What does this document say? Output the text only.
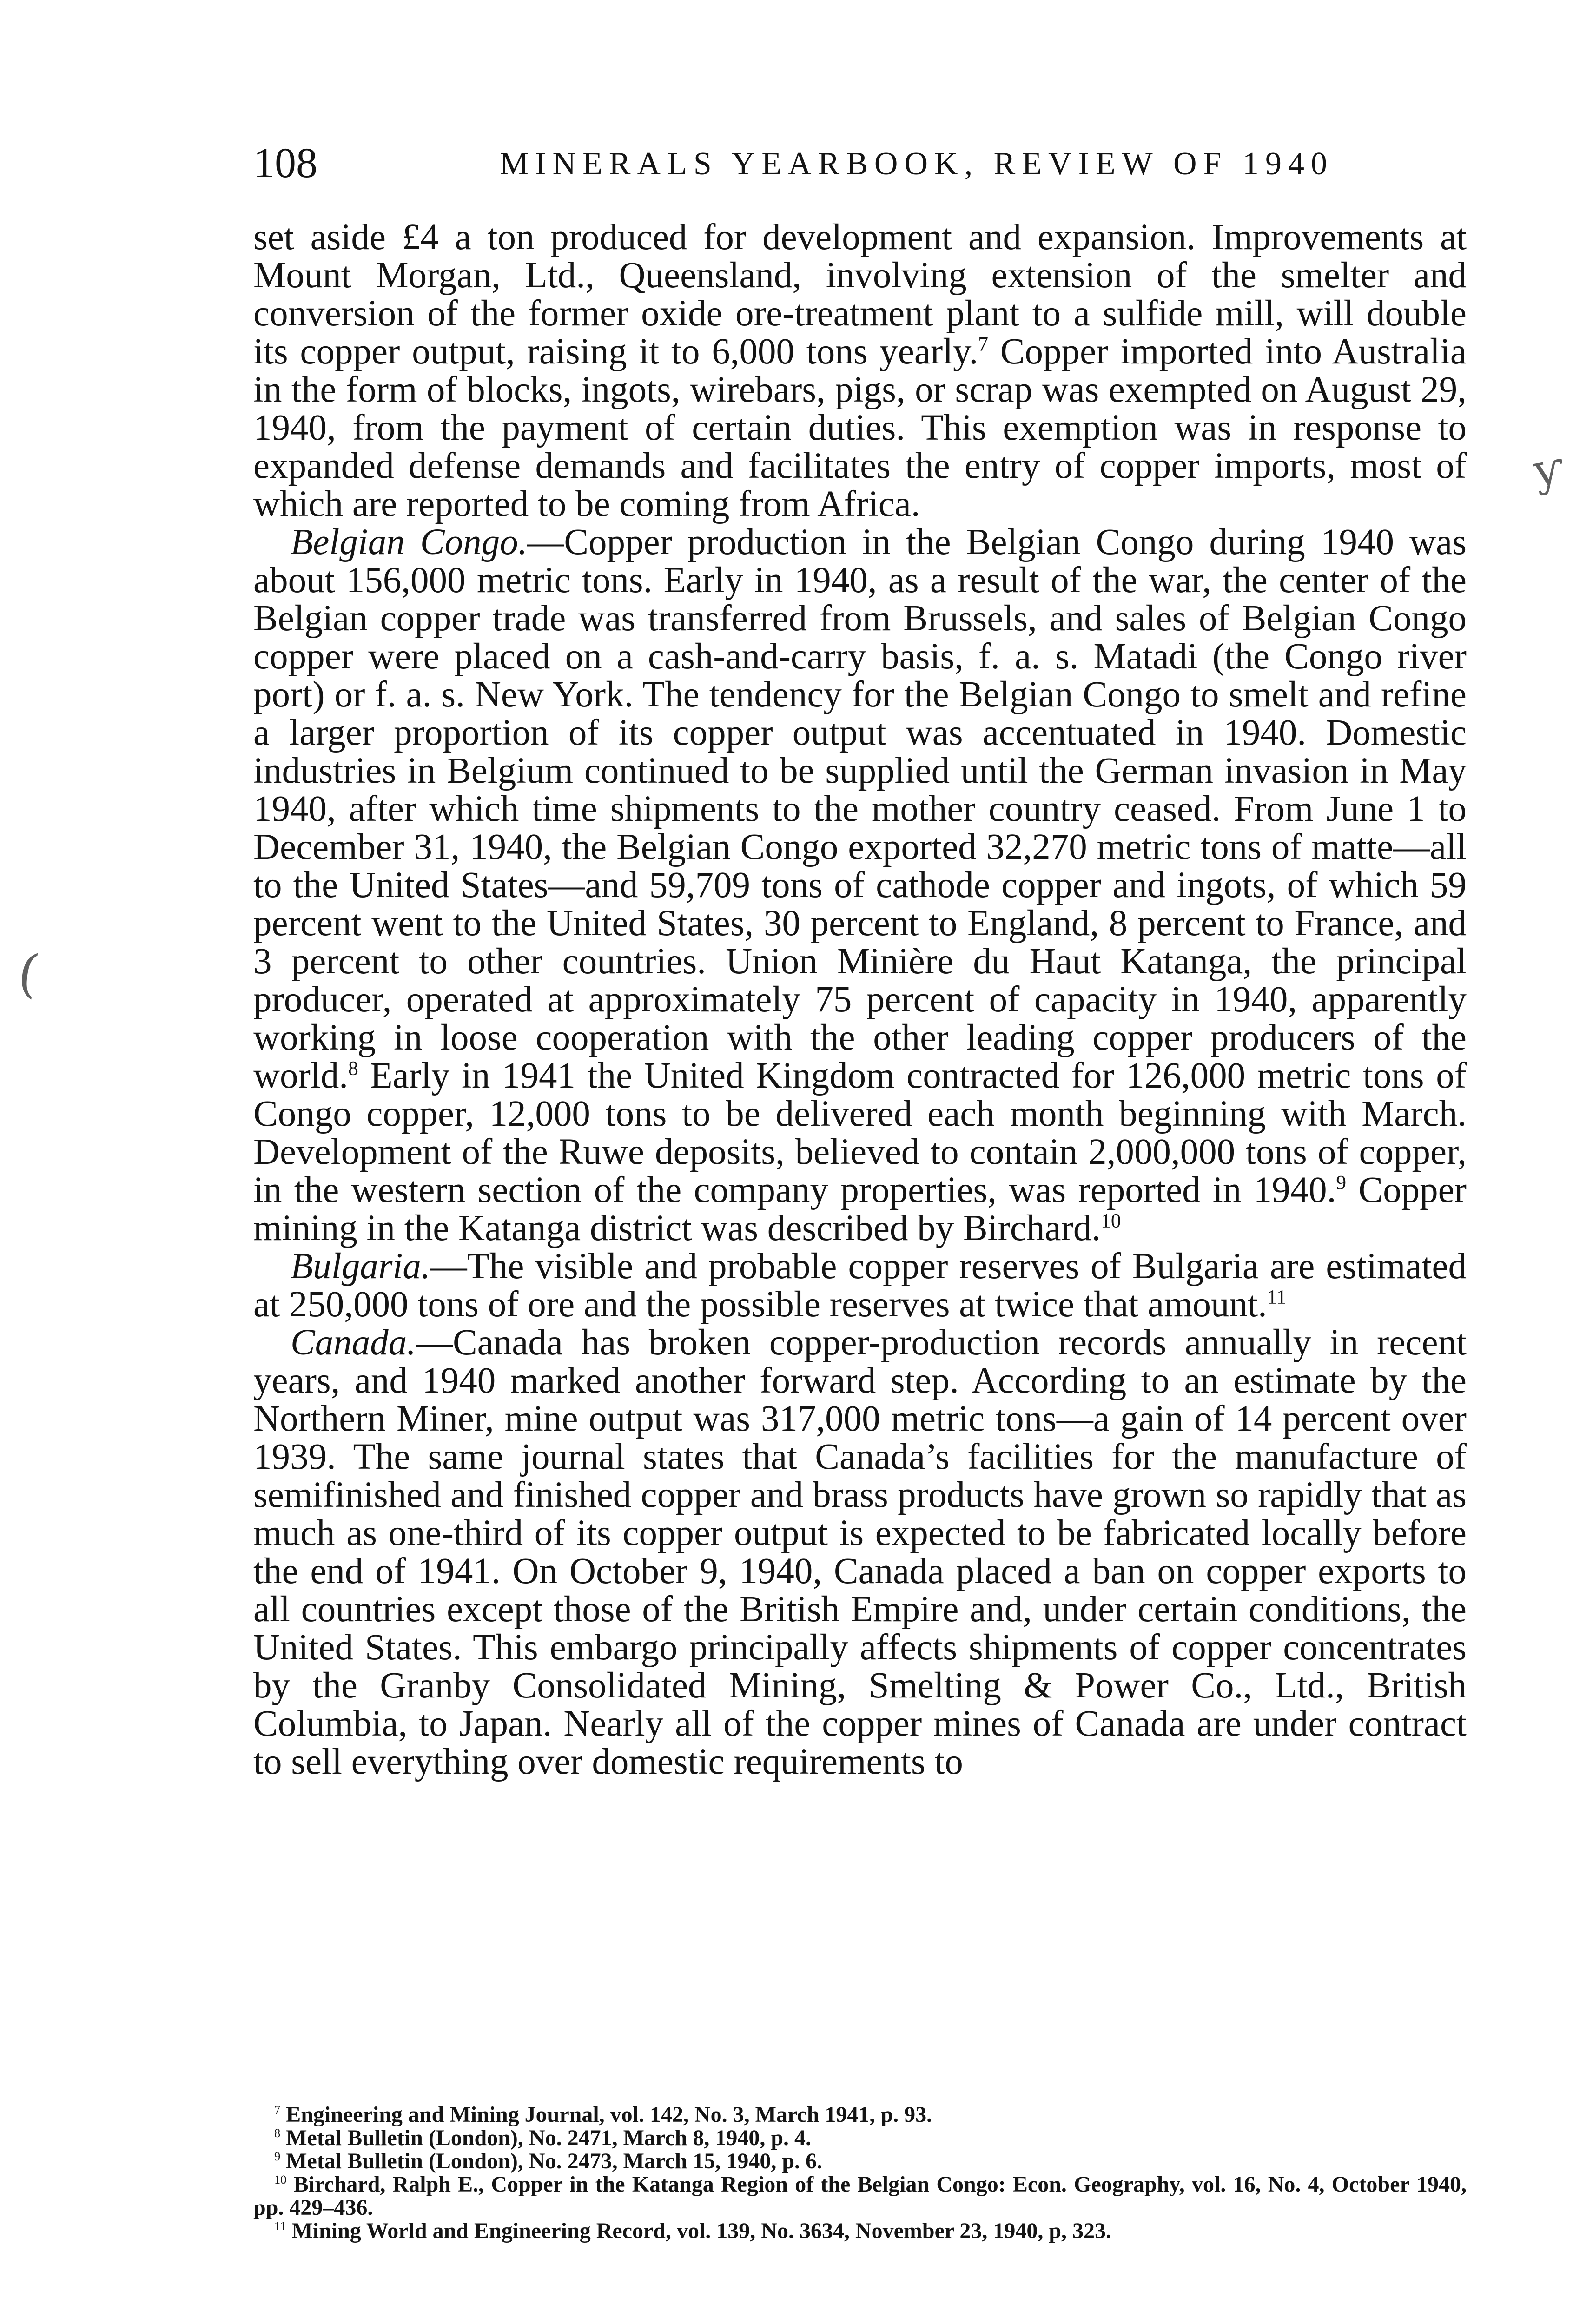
108	MINERALS YEARBOOK, REVIEW OF 1940

set aside £4 a ton produced for development and expansion. Improvements at Mount Morgan, Ltd., Queensland, involving extension of the smelter and conversion of the former oxide ore-treatment plant to a sulfide mill, will double its copper output, raising it to 6,000 tons yearly.$^7$ Copper imported into Australia in the form of blocks, ingots, wirebars, pigs, or scrap was exempted on August 29, 1940, from the payment of certain duties. This exemption was in response to expanded defense demands and facilitates the entry of copper imports, most of which are reported to be coming from Africa.

Belgian Congo.—Copper production in the Belgian Congo during 1940 was about 156,000 metric tons. Early in 1940, as a result of the war, the center of the Belgian copper trade was transferred from Brussels, and sales of Belgian Congo copper were placed on a cash-and-carry basis, f. a. s. Matadi (the Congo river port) or f. a. s. New York. The tendency for the Belgian Congo to smelt and refine a larger proportion of its copper output was accentuated in 1940. Domestic industries in Belgium continued to be supplied until the German invasion in May 1940, after which time shipments to the mother country ceased. From June 1 to December 31, 1940, the Belgian Congo exported 32,270 metric tons of matte—all to the United States—and 59,709 tons of cathode copper and ingots, of which 59 percent went to the United States, 30 percent to England, 8 percent to France, and 3 percent to other countries. Union Minière du Haut Katanga, the principal producer, operated at approximately 75 percent of capacity in 1940, apparently working in loose cooperation with the other leading copper producers of the world.$^8$ Early in 1941 the United Kingdom contracted for 126,000 metric tons of Congo copper, 12,000 tons to be delivered each month beginning with March. Development of the Ruwe deposits, believed to contain 2,000,000 tons of copper, in the western section of the company properties, was reported in 1940.$^9$ Copper mining in the Katanga district was described by Birchard.$^{10}$

Bulgaria.—The visible and probable copper reserves of Bulgaria are estimated at 250,000 tons of ore and the possible reserves at twice that amount.$^{11}$

Canada.—Canada has broken copper-production records annually in recent years, and 1940 marked another forward step. According to an estimate by the Northern Miner, mine output was 317,000 metric tons—a gain of 14 percent over 1939. The same journal states that Canada’s facilities for the manufacture of semifinished and finished copper and brass products have grown so rapidly that as much as one-third of its copper output is expected to be fabricated locally before the end of 1941. On October 9, 1940, Canada placed a ban on copper exports to all countries except those of the British Empire and, under certain conditions, the United States. This embargo principally affects shipments of copper concentrates by the Granby Consolidated Mining, Smelting & Power Co., Ltd., British Columbia, to Japan. Nearly all of the copper mines of Canada are under contract to sell everything over domestic requirements to

$^7$ Engineering and Mining Journal, vol. 142, No. 3, March 1941, p. 93.
$^8$ Metal Bulletin (London), No. 2471, March 8, 1940, p. 4.
$^9$ Metal Bulletin (London), No. 2473, March 15, 1940, p. 6.
$^{10}$ Birchard, Ralph E., Copper in the Katanga Region of the Belgian Congo: Econ. Geography, vol. 16, No. 4, October 1940, pp. 429–436.
$^{11}$ Mining World and Engineering Record, vol. 139, No. 3634, November 23, 1940, p, 323.
ƴ
(
